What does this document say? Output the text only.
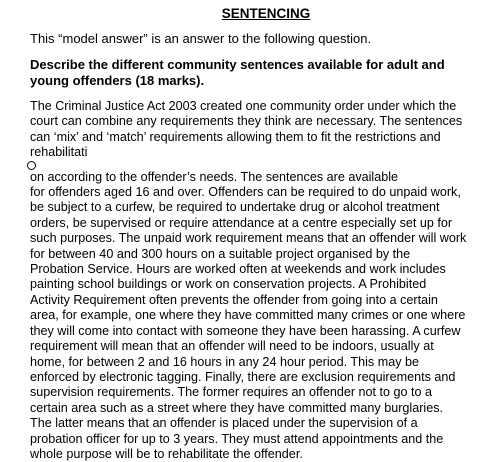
SENTENCING

This “model answer” is an answer to the following question.

Describe the different community sentences available for adult and
young offenders (18 marks).

The Criminal Justice Act 2003 created one community order under which the
court can combine any requirements they think are necessary. The sentences
can ‘mix’ and ‘match’ requirements allowing them to fit the restrictions and
rehabilitati
on according to the offender’s needs. The sentences are available
for offenders aged 16 and over. Offenders can be required to do unpaid work,
be subject to a curfew, be required to undertake drug or alcohol treatment
orders, be supervised or require attendance at a centre especially set up for
such purposes. The unpaid work requirement means that an offender will work
for between 40 and 300 hours on a suitable project organised by the
Probation Service. Hours are worked often at weekends and work includes
painting school buildings or work on conservation projects. A Prohibited
Activity Requirement often prevents the offender from going into a certain
area, for example, one where they have committed many crimes or one where
they will come into contact with someone they have been harassing. A curfew
requirement will mean that an offender will need to be indoors, usually at
home, for between 2 and 16 hours in any 24 hour period. This may be
enforced by electronic tagging. Finally, there are exclusion requirements and
supervision requirements. The former requires an offender not to go to a
certain area such as a street where they have committed many burglaries.
The latter means that an offender is placed under the supervision of a
probation officer for up to 3 years. They must attend appointments and the
whole purpose will be to rehabilitate the offender.
